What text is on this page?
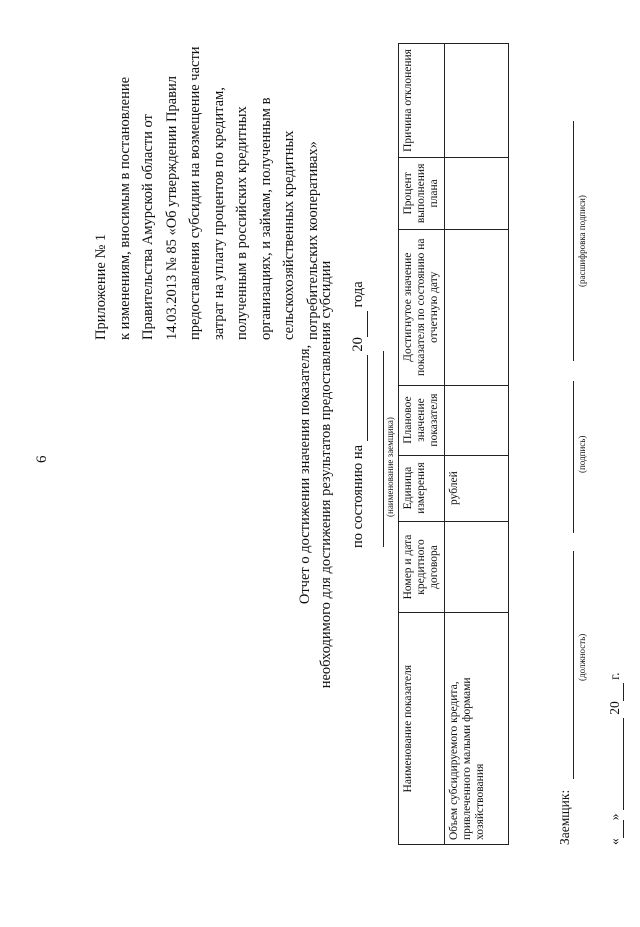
6
Приложение № 1 к изменениям, вносимым в постановление Правительства Амурской области от 14.03.2013 № 85 «Об утверждении Правил предоставления субсидии на возмещение части затрат на уплату процентов по кредитам, полученным в российских кредитных организациях, и займам, полученным в сельскохозяйственных кредитных потребительских кооперативах»
Отчет о достижении значения показателя, необходимого для достижения результатов предоставления субсидии по состоянию на   20  года
(наименование заемщика)
Наименование показателя	Номер и дата кредитного договора	Единица измерения	Плановое значение показателя	Достигнутое значение показателя по состоянию на отчетную дату	Процент выполнения плана	Причина отклонения
Объем субсидируемого кредита, привлеченного малыми формами хозяйствования		рублей				
Заемщик:
(должность)
(подпись)
(расшифровка подписи)
« »   20  г.
